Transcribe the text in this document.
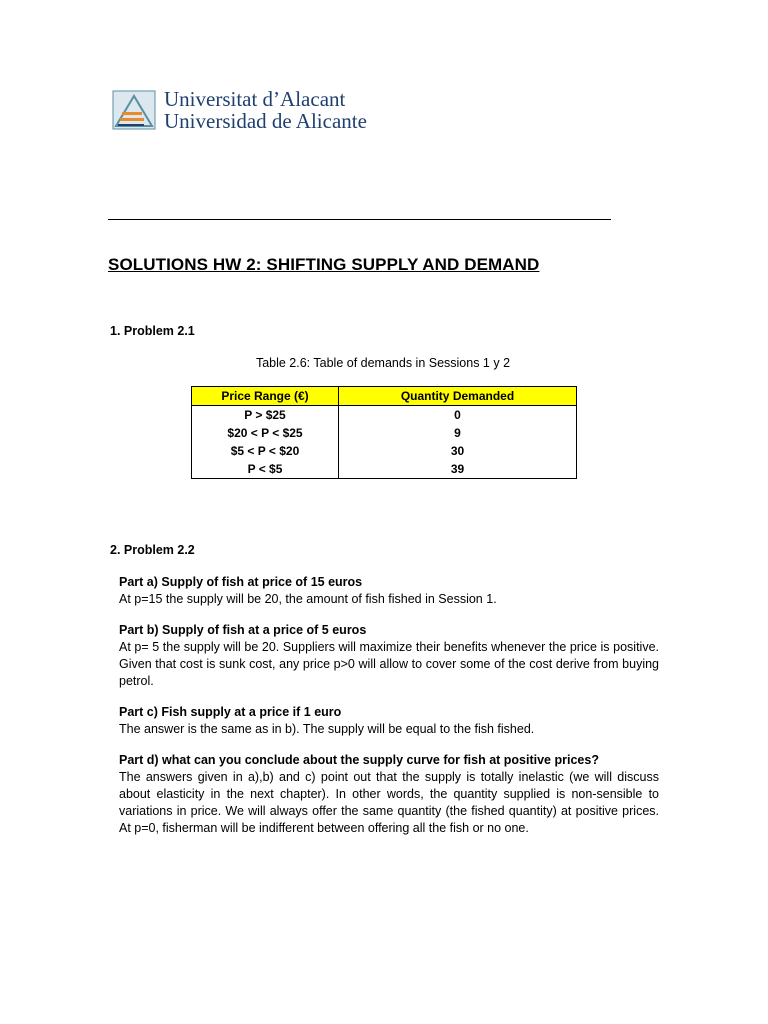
Universitat d’Alacant
Universidad de Alicante
SOLUTIONS HW 2: SHIFTING SUPPLY AND DEMAND
1. Problem 2.1
Table 2.6: Table of demands in Sessions 1 y 2
Price Range (€)	Quantity Demanded
P > $25	0
$20 < P < $25	9
$5 < P < $20	30
P < $5	39
2. Problem 2.2

Part a) Supply of fish at price of 15 euros

At p=15 the supply will be 20, the amount of fish fished in Session 1.

Part b) Supply of fish at a price of 5 euros

At p= 5 the supply will be 20. Suppliers will maximize their benefits whenever the price is positive. Given that cost is sunk cost, any price p>0 will allow to cover some of the cost derive from buying petrol.

Part c) Fish supply at a price if 1 euro

The answer is the same as in b). The supply will be equal to the fish fished.

Part d) what can you conclude about the supply curve for fish at positive prices?

The answers given in a),b) and c) point out that the supply is totally inelastic (we will discuss about elasticity in the next chapter). In other words, the quantity supplied is non-sensible to variations in price. We will always offer the same quantity (the fished quantity) at positive prices. At p=0, fisherman will be indifferent between offering all the fish or no one.
